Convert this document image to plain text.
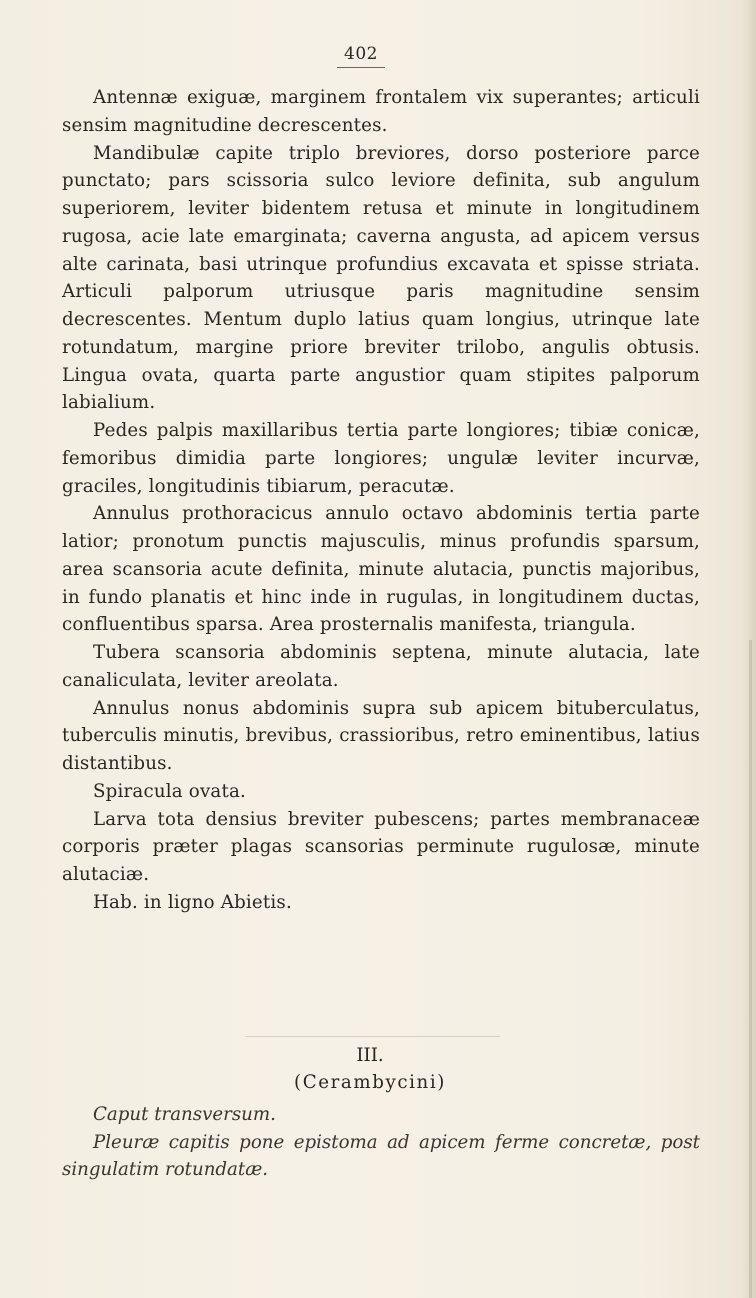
402

Antennæ exiguæ, marginem frontalem vix superantes; articuli sensim magnitudine decrescentes.

Mandibulæ capite triplo breviores, dorso posteriore parce punctato; pars scissoria sulco leviore definita, sub angulum superiorem, leviter bidentem retusa et minute in longitudinem rugosa, acie late emarginata; caverna angusta, ad apicem versus alte carinata, basi utrinque profundius excavata et spisse striata. Articuli palporum utriusque paris magnitudine sensim decrescentes. Mentum duplo latius quam longius, utrinque late rotundatum, margine priore breviter trilobo, angulis obtusis. Lingua ovata, quarta parte angustior quam stipites palporum labialium.

Pedes palpis maxillaribus tertia parte longiores; tibiæ conicæ, femoribus dimidia parte longiores; ungulæ leviter incurvæ, graciles, longitudinis tibiarum, peracutæ.

Annulus prothoracicus annulo octavo abdominis tertia parte latior; pronotum punctis majusculis, minus profundis sparsum, area scansoria acute definita, minute alutacia, punctis majoribus, in fundo planatis et hinc inde in rugulas, in longitudinem ductas, confluentibus sparsa. Area prosternalis manifesta, triangula.

Tubera scansoria abdominis septena, minute alutacia, late canaliculata, leviter areolata.

Annulus nonus abdominis supra sub apicem bituberculatus, tuberculis minutis, brevibus, crassioribus, retro eminentibus, latius distantibus.

Spiracula ovata.

Larva tota densius breviter pubescens; partes membranaceæ corporis præter plagas scansorias perminute rugulosæ, minute alutaciæ.

Hab. in ligno Abietis.

III.
(Cerambycini)

Caput transversum.

Pleuræ capitis pone epistoma ad apicem ferme concretæ, post singulatim rotundatæ.
